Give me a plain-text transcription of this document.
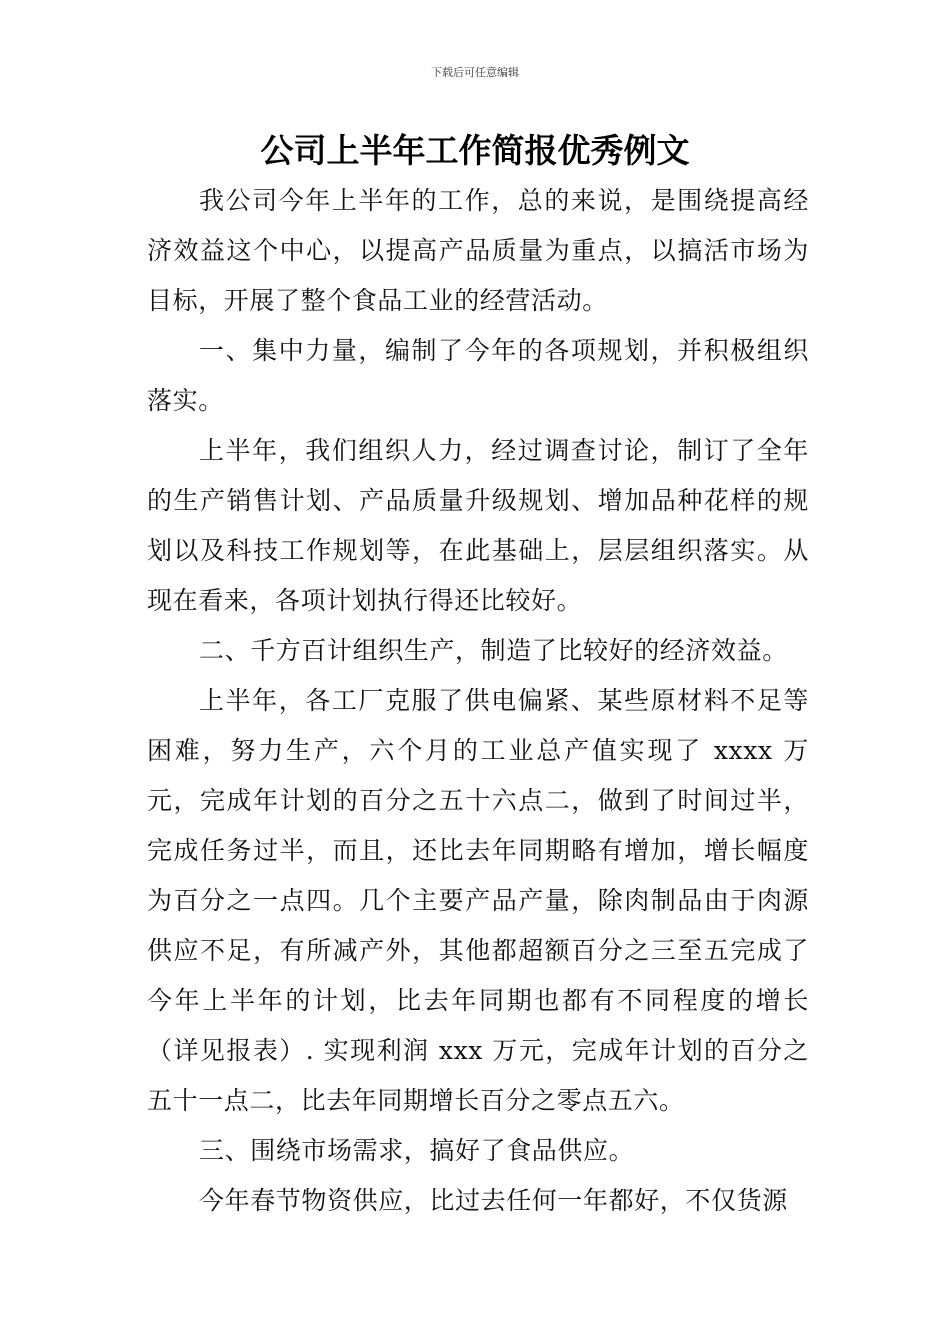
下载后可任意编辑
公司上半年工作简报优秀例文

我公司今年上半年的工作，总的来说，是围绕提高经济效益这个中心，以提高产品质量为重点，以搞活市场为目标，开展了整个食品工业的经营活动。

一、集中力量，编制了今年的各项规划，并积极组织落实。

上半年，我们组织人力，经过调查讨论，制订了全年的生产销售计划、产品质量升级规划、增加品种花样的规划以及科技工作规划等，在此基础上，层层组织落实。从现在看来，各项计划执行得还比较好。

二、千方百计组织生产，制造了比较好的经济效益。

上半年，各工厂克服了供电偏紧、某些原材料不足等困难，努力生产，六个月的工业总产值实现了 xxxx 万元，完成年计划的百分之五十六点二，做到了时间过半，完成任务过半，而且，还比去年同期略有增加，增长幅度为百分之一点四。几个主要产品产量，除肉制品由于肉源供应不足，有所减产外，其他都超额百分之三至五完成了今年上半年的计划，比去年同期也都有不同程度的增长（详见报表）. 实现利润 xxx 万元，完成年计划的百分之五十一点二，比去年同期增长百分之零点五六。

三、围绕市场需求，搞好了食品供应。

今年春节物资供应，比过去任何一年都好，不仅货源
